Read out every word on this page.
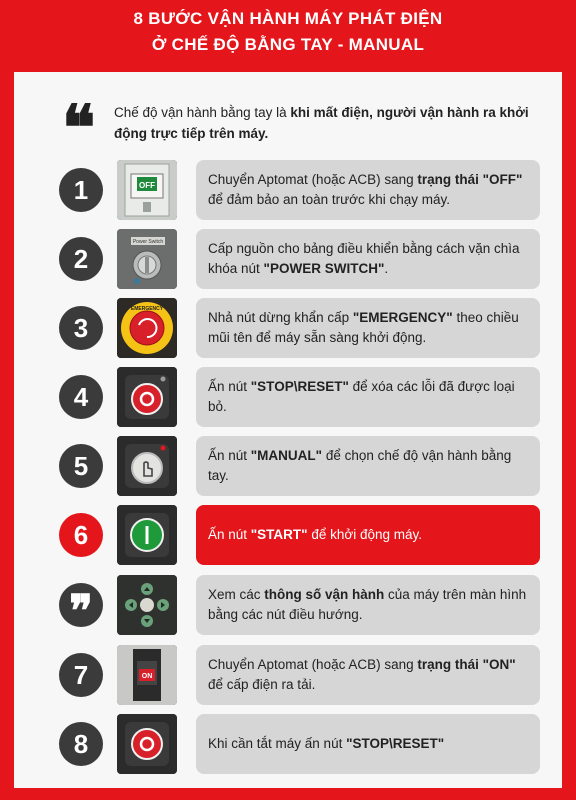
8 BƯỚC VẬN HÀNH MÁY PHÁT ĐIỆN
Ở CHẾ ĐỘ BẰNG TAY - MANUAL
❝	Chế độ vận hành bằng tay là khi mất điện, người vận hành ra khởi động trực tiếp trên máy.
1	OFF	Chuyển Aptomat (hoặc ACB) sang trạng thái "OFF" để đảm bảo an toàn trước khi chạy máy.
2
Power Switch	Cấp nguồn cho bảng điều khiển bằng cách vặn chìa khóa nút "POWER SWITCH".
3
EMERGENCY
Nhả nút dừng khẩn cấp "EMERGENCY" theo chiều mũi tên để máy sẵn sàng khởi động.
4	Ấn nút "STOP\RESET" để xóa các lỗi đã được loại bỏ.
5	Ấn nút "MANUAL" để chọn chế độ vận hành bằng tay.
6	Ấn nút "START" để khởi động máy.
❞	Xem các thông số vận hành của máy trên màn hình bằng các nút điều hướng.
7	ON
Chuyển Aptomat (hoặc ACB) sang trạng thái "ON" để cấp điện ra tải.
8	Khi cần tắt máy ấn nút "STOP\RESET"
